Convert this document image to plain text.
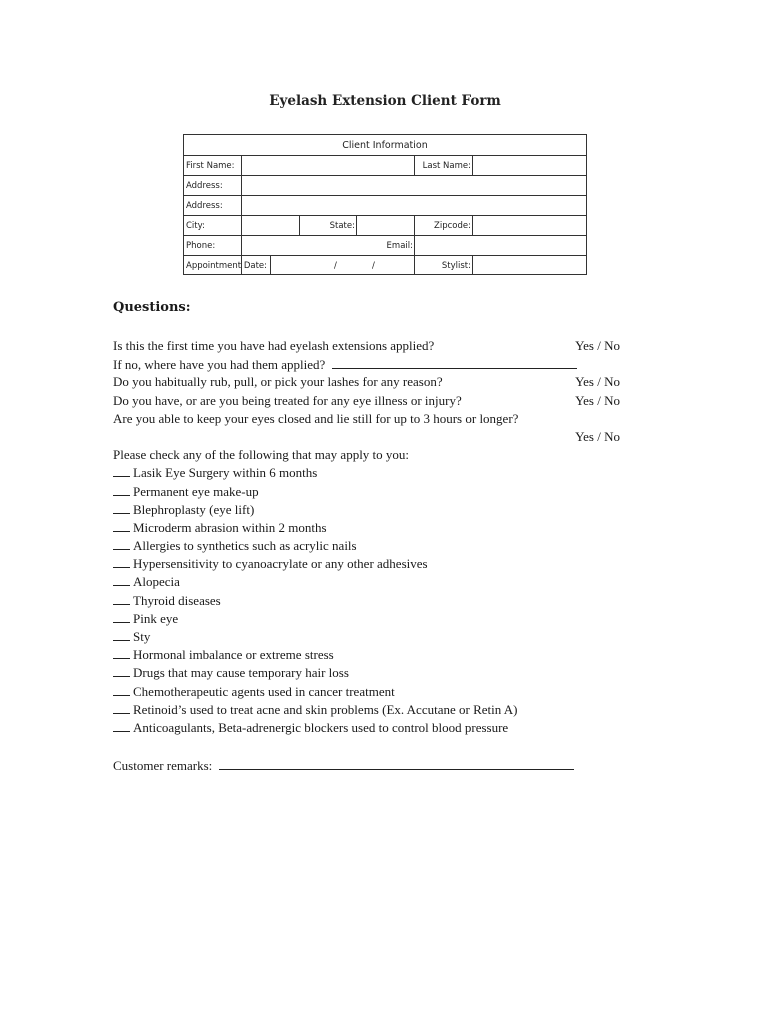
Eyelash Extension Client Form
Client Information
First Name:	Last Name:
Address:
Address:
City:	State:	Zipcode:
Phone:	Email:
Appointment Date:	/	/	Stylist:
Questions:
Is this the first time you have had eyelash extensions applied?	Yes / No
If no, where have you had them applied?
Do you habitually rub, pull, or pick your lashes for any reason?	Yes / No
Do you have, or are you being treated for any eye illness or injury?	Yes / No
Are you able to keep your eyes closed and lie still for up to 3 hours or longer?
Yes / No
Please check any of the following that may apply to you:
Lasik Eye Surgery within 6 months
Permanent eye make-up
Blephroplasty (eye lift)
Microderm abrasion within 2 months
Allergies to synthetics such as acrylic nails
Hypersensitivity to cyanoacrylate or any other adhesives
Alopecia
Thyroid diseases
Pink eye
Sty
Hormonal imbalance or extreme stress
Drugs that may cause temporary hair loss
Chemotherapeutic agents used in cancer treatment
Retinoid’s used to treat acne and skin problems (Ex. Accutane or Retin A)
Anticoagulants, Beta-adrenergic blockers used to control blood pressure
Customer remarks:
